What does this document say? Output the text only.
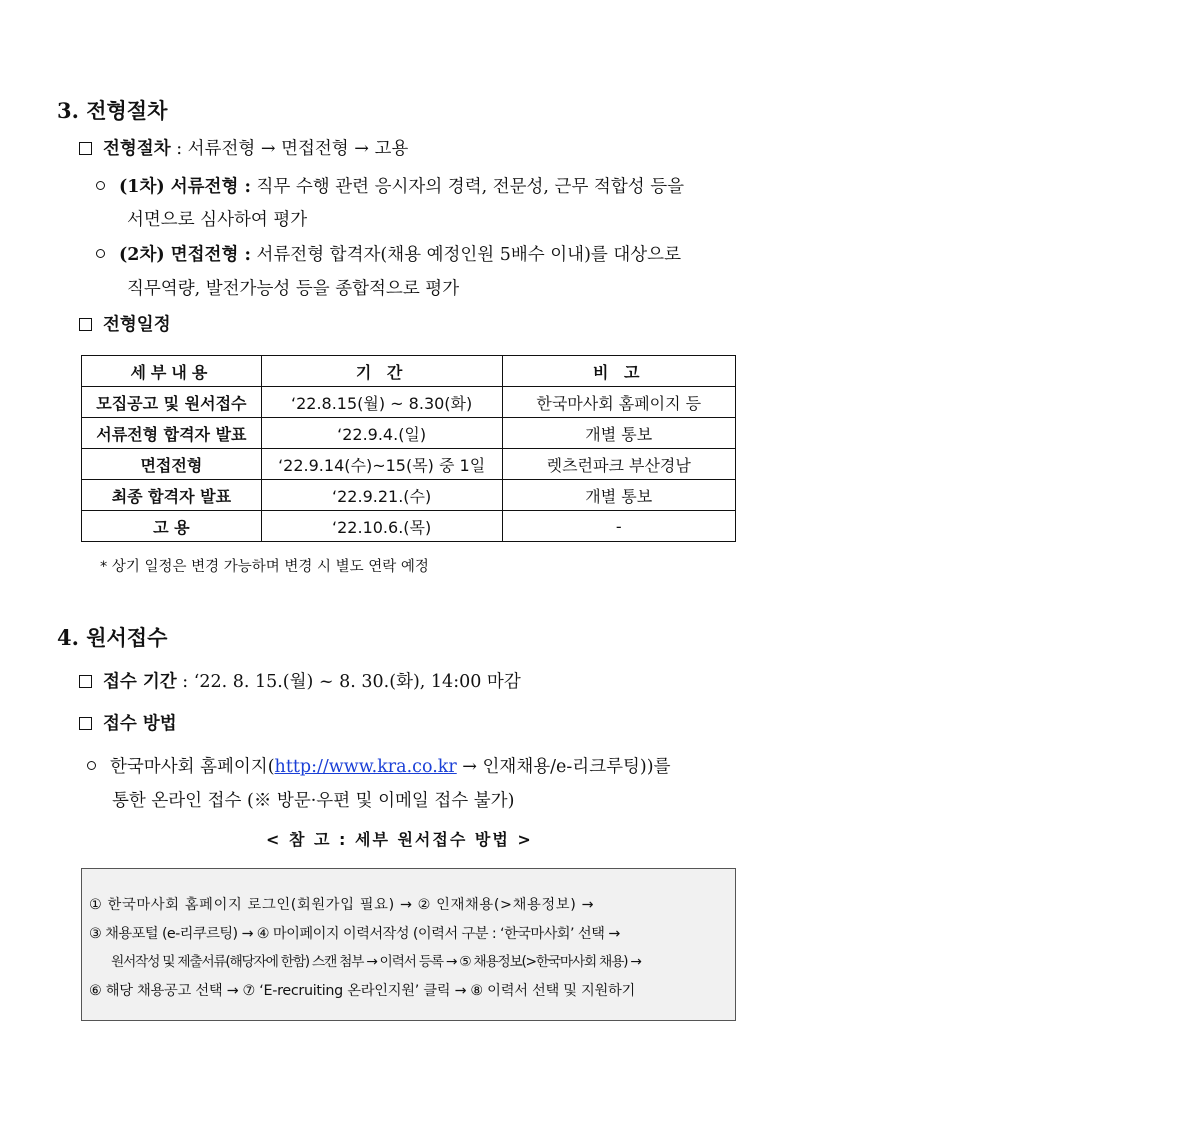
3. 전형절차
전형절차 : 서류전형 → 면접전형 → 고용
(1차) 서류전형 : 직무 수행 관련 응시자의 경력, 전문성, 근무 적합성 등을
서면으로 심사하여 평가
(2차) 면접전형 : 서류전형 합격자(채용 예정인원 5배수 이내)를 대상으로
직무역량, 발전가능성 등을 종합적으로 평가
전형일정
세부내용	기 간	비 고
모집공고 및 원서접수	‘22.8.15(월) ~ 8.30(화)	한국마사회 홈페이지 등
서류전형 합격자 발표	‘22.9.4.(일)	개별 통보
면접전형	‘22.9.14(수)~15(목) 중 1일	렛츠런파크 부산경남
최종 합격자 발표	‘22.9.21.(수)	개별 통보
고 용	‘22.10.6.(목)	-
* 상기 일정은 변경 가능하며 변경 시 별도 연락 예정
4. 원서접수
접수 기간 : ‘22. 8. 15.(월) ~ 8. 30.(화), 14:00 마감
접수 방법
한국마사회 홈페이지(http://www.kra.co.kr → 인재채용/e-리크루팅))를
통한 온라인 접수 (※ 방문·우편 및 이메일 접수 불가)
< 참 고 : 세부 원서접수 방법 >
① 한국마사회 홈페이지 로그인(회원가입 필요) → ② 인재채용(>채용정보) →
③ 채용포털 (e-리쿠르팅) → ④ 마이페이지 이력서작성 (이력서 구분 : ‘한국마사회’ 선택 →
원서작성 및 제출서류(해당자에 한함) 스캔 첨부 → 이력서 등록 → ⑤ 채용정보(>한국마사회 채용) →
⑥ 해당 채용공고 선택 → ⑦ ‘E-recruiting 온라인지원’ 클릭 → ⑧ 이력서 선택 및 지원하기
